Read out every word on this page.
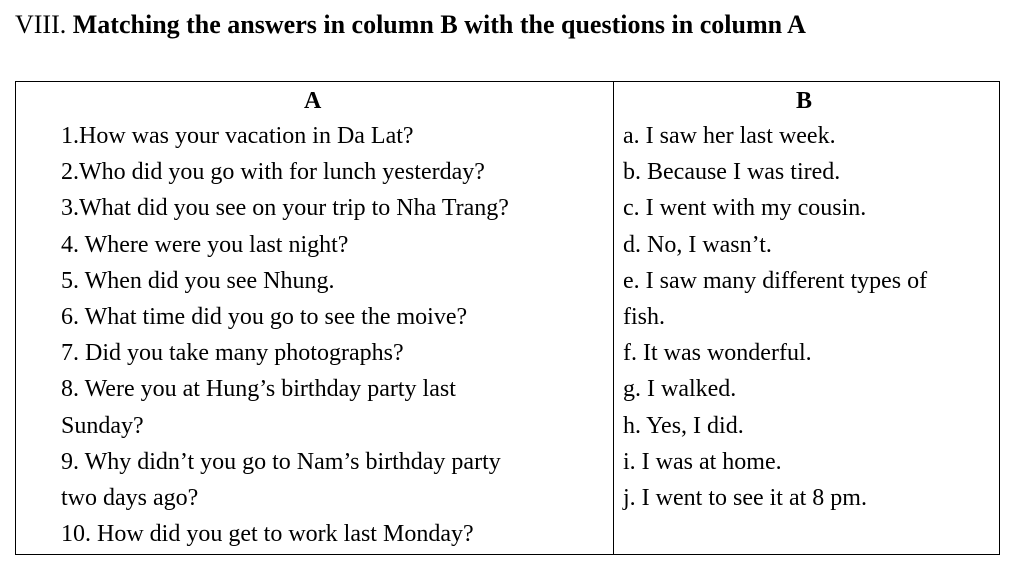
VIII. Matching the answers in column B with the questions in column A
A	B
1.How was your vacation in Da Lat?
2.Who did you go with for lunch yesterday?
3.What did you see on your trip to Nha Trang?
4. Where were you last night?
5. When did you see Nhung.
6. What time did you go to see the moive?
7. Did you take many photographs?
8. Were you at Hung’s birthday party last
Sunday?
9. Why didn’t you go to Nam’s birthday party
two days ago?
10. How did you get to work last Monday?
a. I saw her last week.
b. Because I was tired.
c. I went with my cousin.
d. No, I wasn’t.
e. I saw many different types of
fish.
f. It was wonderful.
g. I walked.
h. Yes, I did.
i. I was at home.
j. I went to see it at 8 pm.
